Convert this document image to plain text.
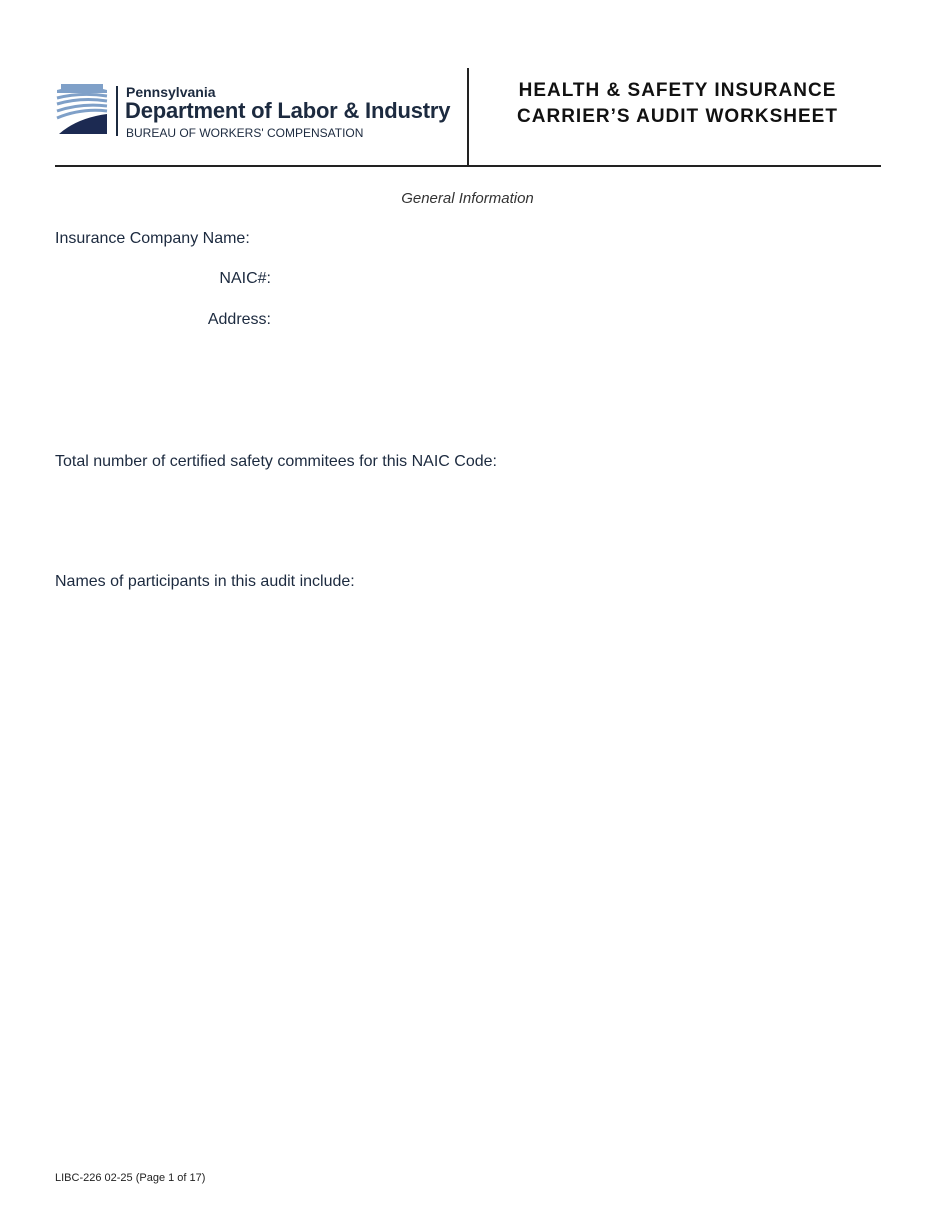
Pennsylvania
Department of Labor & Industry
BUREAU OF WORKERS' COMPENSATION
HEALTH & SAFETY INSURANCE
CARRIER’S AUDIT WORKSHEET
General Information
Insurance Company Name:
NAIC#:
Address:
Total number of certified safety commitees for this NAIC Code:
Names of participants in this audit include:
LIBC-226 02-25 (Page 1 of 17)
